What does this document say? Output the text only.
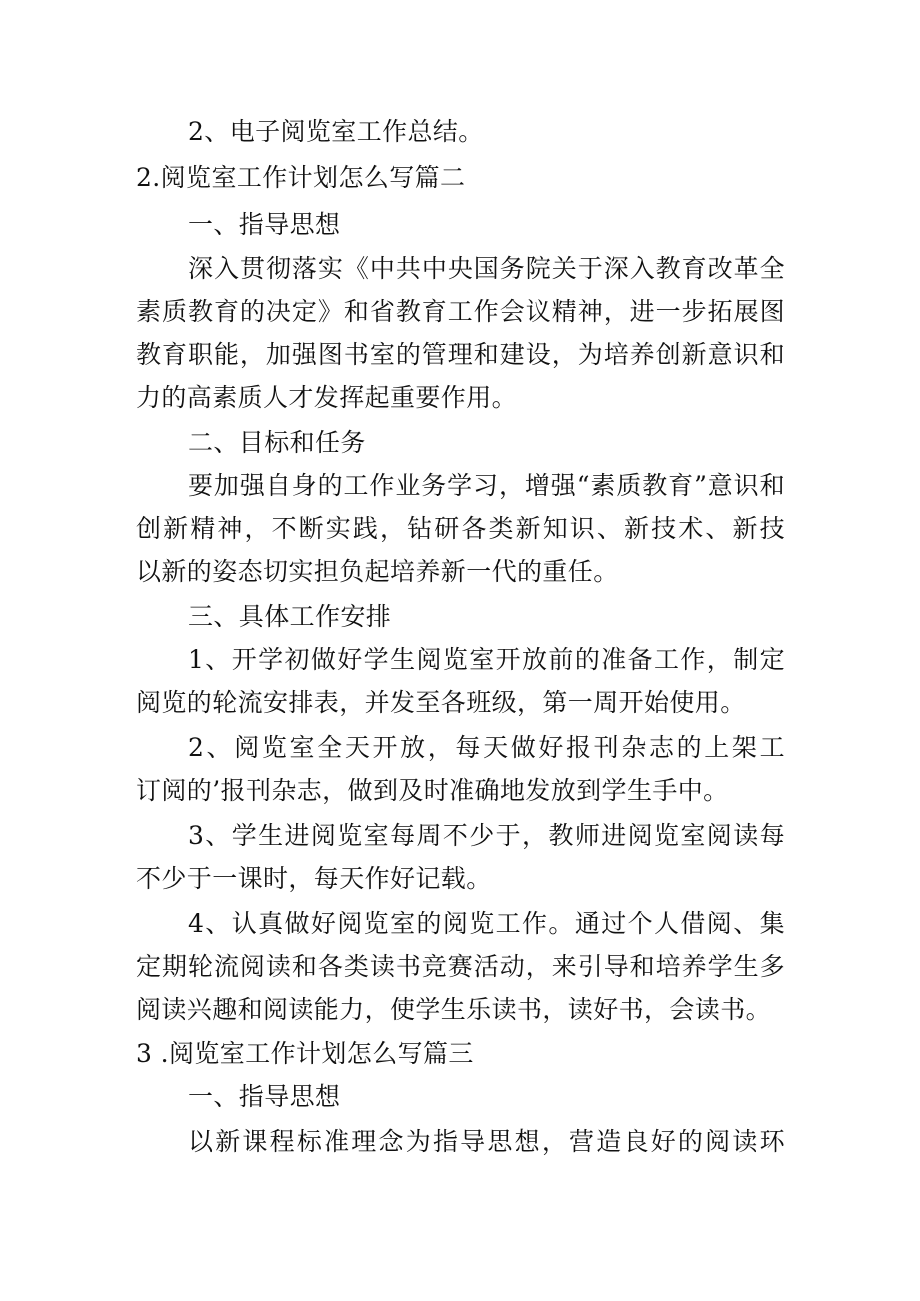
2、电子阅览室工作总结。
2.阅览室工作计划怎么写篇二
一、指导思想
深入贯彻落实《中共中央国务院关于深入教育改革全
素质教育的决定》和省教育工作会议精神，进一步拓展图
教育职能，加强图书室的管理和建设，为培养创新意识和
力的高素质人才发挥起重要作用。
二、目标和任务
要加强自身的工作业务学习，增强“素质教育”意识和
创新精神，不断实践，钻研各类新知识、新技术、新技
以新的姿态切实担负起培养新一代的重任。
三、具体工作安排
1、开学初做好学生阅览室开放前的准备工作，制定
阅览的轮流安排表，并发至各班级，第一周开始使用。
2、阅览室全天开放，每天做好报刊杂志的上架工
订阅的’报刊杂志，做到及时准确地发放到学生手中。
3、学生进阅览室每周不少于，教师进阅览室阅读每
不少于一课时，每天作好记载。
4、认真做好阅览室的阅览工作。通过个人借阅、集
定期轮流阅读和各类读书竞赛活动，来引导和培养学生多
阅读兴趣和阅读能力，使学生乐读书，读好书，会读书。
3 .阅览室工作计划怎么写篇三
一、指导思想
以新课程标准理念为指导思想，营造良好的阅读环
